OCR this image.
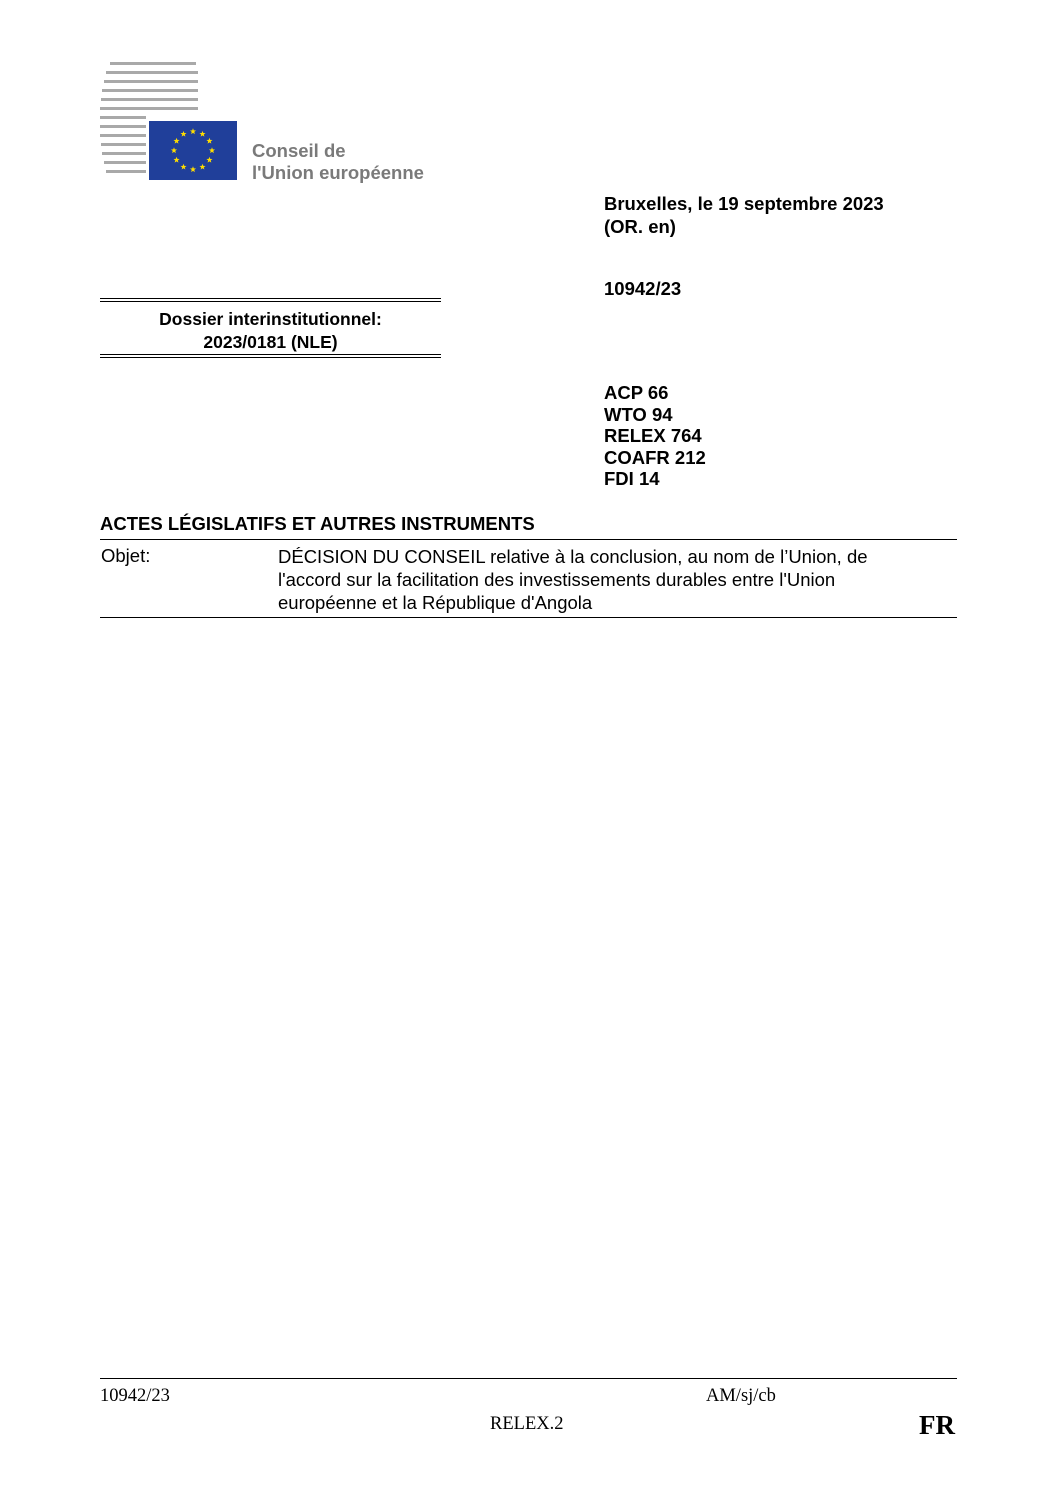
Conseil de
l'Union européenne
Bruxelles, le 19 septembre 2023
(OR. en)
10942/23
Dossier interinstitutionnel:
2023/0181 (NLE)
ACP 66
WTO 94
RELEX 764
COAFR 212
FDI 14
ACTES LÉGISLATIFS ET AUTRES INSTRUMENTS
Objet:	DÉCISION DU CONSEIL relative à la conclusion, au nom de l’Union, de
l'accord sur la facilitation des investissements durables entre l'Union
européenne et la République d'Angola
10942/23	AM/sj/cb
RELEX.2	FR
